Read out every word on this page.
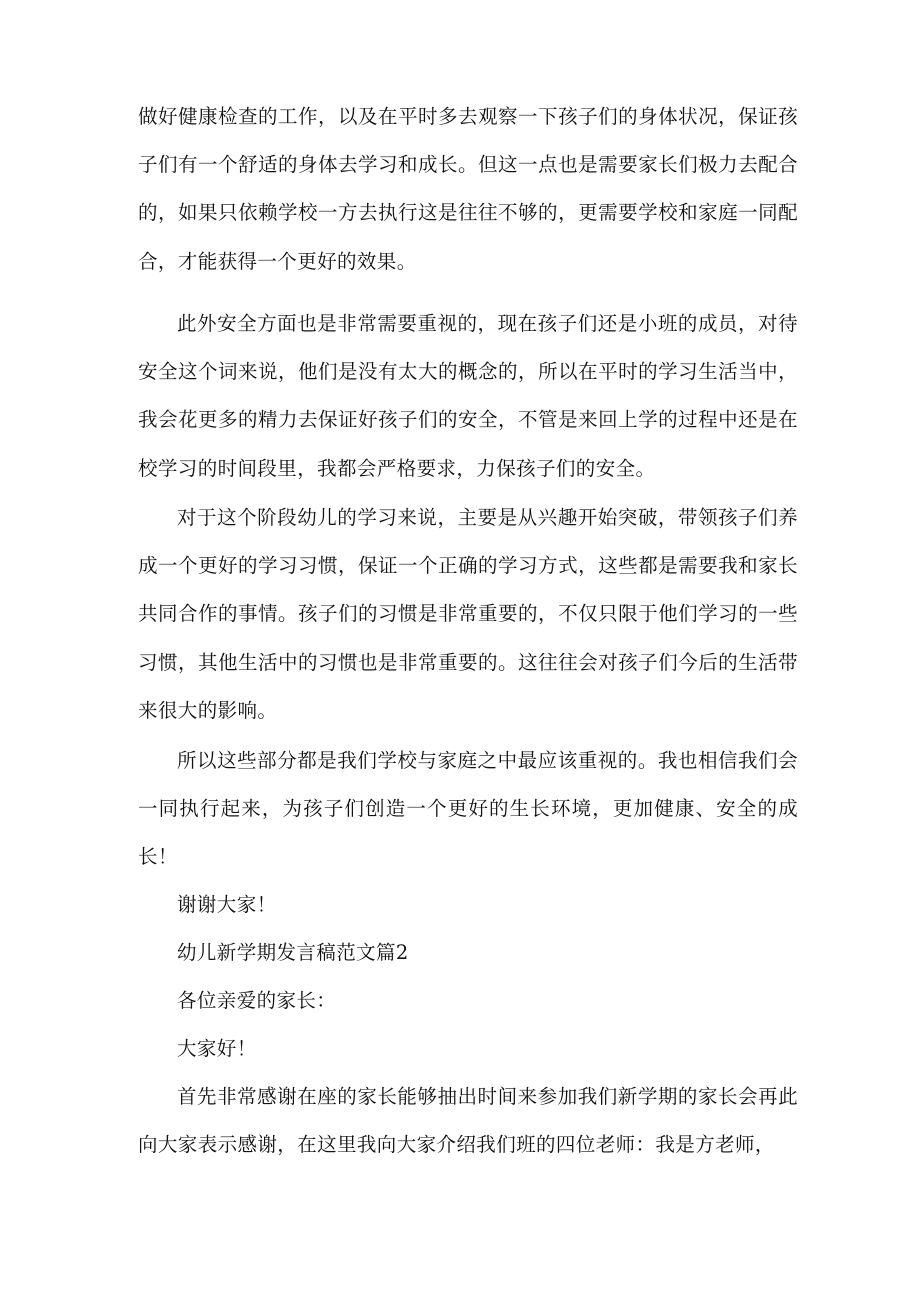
做好健康检查的工作，以及在平时多去观察一下孩子们的身体状况，保证孩子们有一个舒适的身体去学习和成长。但这一点也是需要家长们极力去配合的，如果只依赖学校一方去执行这是往往不够的，更需要学校和家庭一同配合，才能获得一个更好的效果。

此外安全方面也是非常需要重视的，现在孩子们还是小班的成员，对待安全这个词来说，他们是没有太大的概念的，所以在平时的学习生活当中，我会花更多的精力去保证好孩子们的安全，不管是来回上学的过程中还是在校学习的时间段里，我都会严格要求，力保孩子们的安全。

对于这个阶段幼儿的学习来说，主要是从兴趣开始突破，带领孩子们养成一个更好的学习习惯，保证一个正确的学习方式，这些都是需要我和家长共同合作的事情。孩子们的习惯是非常重要的，不仅只限于他们学习的一些习惯，其他生活中的习惯也是非常重要的。这往往会对孩子们今后的生活带来很大的影响。

所以这些部分都是我们学校与家庭之中最应该重视的。我也相信我们会一同执行起来，为孩子们创造一个更好的生长环境，更加健康、安全的成长！

谢谢大家！

幼儿新学期发言稿范文篇2

各位亲爱的家长：

大家好！

首先非常感谢在座的家长能够抽出时间来参加我们新学期的家长会再此向大家表示感谢，在这里我向大家介绍我们班的四位老师：我是方老师，
